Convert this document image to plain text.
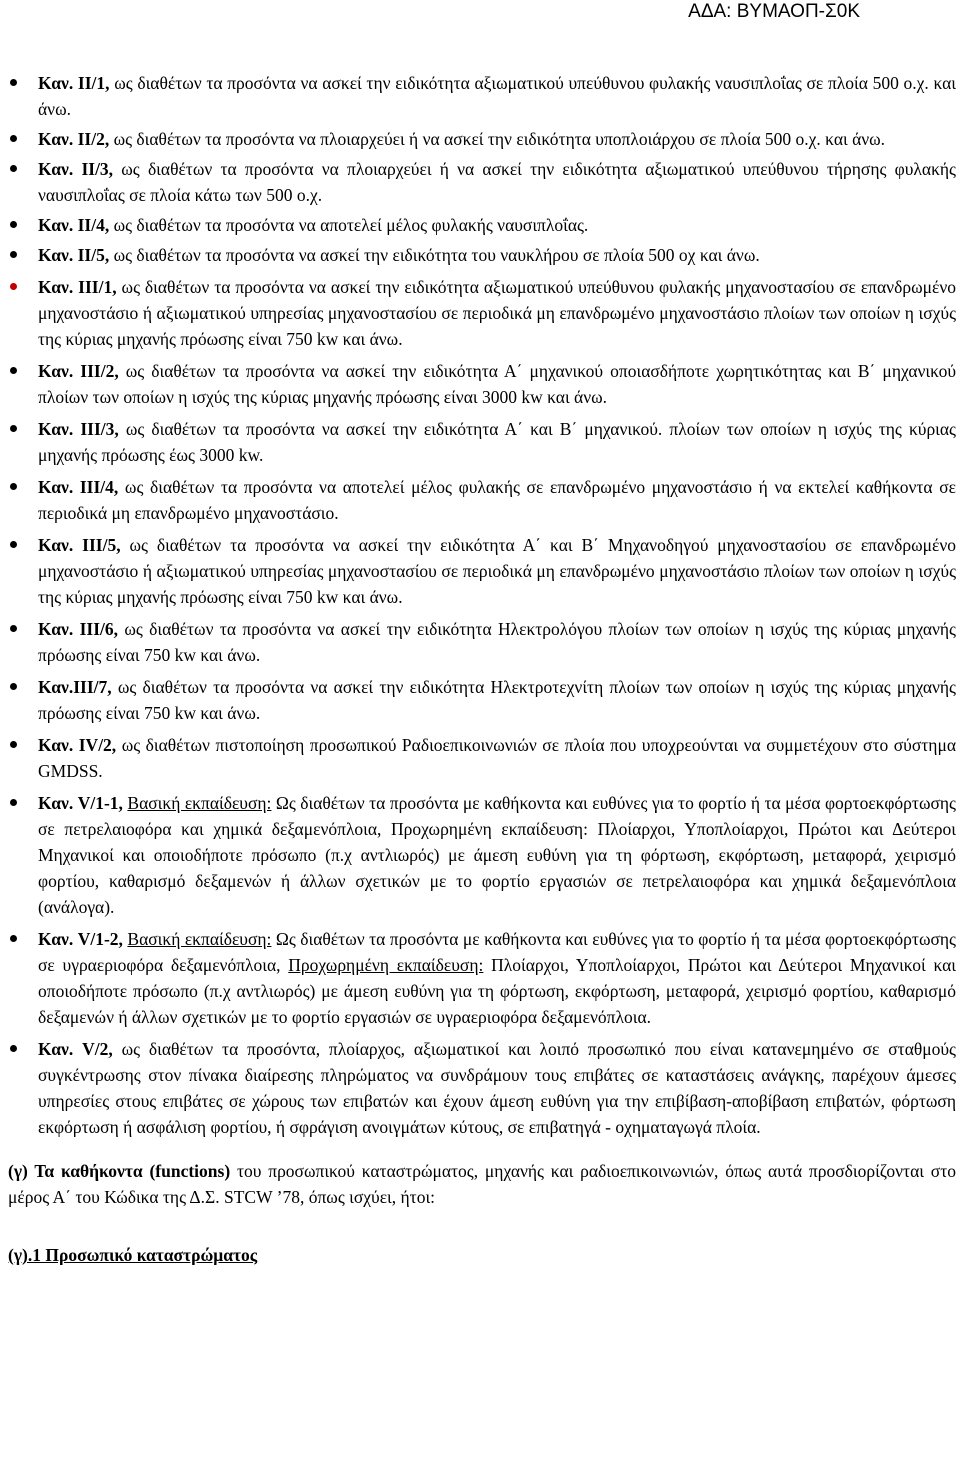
ΑΔΑ: ΒΥΜΑΟΠ-Σ0Κ
Καν. ΙΙ/1, ως διαθέτων τα προσόντα να ασκεί την ειδικότητα αξιωματικού υπεύθυνου φυλακής ναυσιπλοΐας σε πλοία 500 ο.χ. και άνω.
Καν. ΙΙ/2, ως διαθέτων τα προσόντα να πλοιαρχεύει ή να ασκεί την ειδικότητα υποπλοιάρχου σε πλοία 500 ο.χ. και άνω.
Καν. ΙΙ/3, ως διαθέτων τα προσόντα να πλοιαρχεύει ή να ασκεί την ειδικότητα αξιωματικού υπεύθυνου τήρησης φυλακής ναυσιπλοΐας σε πλοία κάτω των 500 ο.χ.
Καν. ΙΙ/4, ως διαθέτων τα προσόντα να αποτελεί μέλος φυλακής ναυσιπλοΐας.
Καν. ΙΙ/5, ως διαθέτων τα προσόντα να ασκεί την ειδικότητα του ναυκλήρου σε πλοία 500 οχ και άνω.
Καν. ΙΙΙ/1, ως διαθέτων τα προσόντα να ασκεί την ειδικότητα αξιωματικού υπεύθυνου φυλακής μηχανοστασίου σε επανδρωμένο μηχανοστάσιο ή αξιωματικού υπηρεσίας μηχανοστασίου σε περιοδικά μη επανδρωμένο μηχανοστάσιο πλοίων των οποίων η ισχύς της κύριας μηχανής πρόωσης είναι 750 kw και άνω.
Καν. ΙΙΙ/2, ως διαθέτων τα προσόντα να ασκεί την ειδικότητα Α΄ μηχανικού οποιασδήποτε χωρητικότητας και Β΄ μηχανικού πλοίων των οποίων η ισχύς της κύριας μηχανής πρόωσης είναι 3000 kw και άνω.
Καν. ΙΙΙ/3, ως διαθέτων τα προσόντα να ασκεί την ειδικότητα Α΄ και Β΄ μηχανικού. πλοίων των οποίων η ισχύς της κύριας μηχανής πρόωσης έως 3000 kw.
Καν. ΙΙΙ/4, ως διαθέτων τα προσόντα να αποτελεί μέλος φυλακής σε επανδρωμένο μηχανοστάσιο ή να εκτελεί καθήκοντα σε περιοδικά μη επανδρωμένο μηχανοστάσιο.
Καν. ΙΙΙ/5, ως διαθέτων τα προσόντα να ασκεί την ειδικότητα Α΄ και Β΄ Μηχανοδηγού μηχανοστασίου σε επανδρωμένο μηχανοστάσιο ή αξιωματικού υπηρεσίας μηχανοστασίου σε περιοδικά μη επανδρωμένο μηχανοστάσιο πλοίων των οποίων η ισχύς της κύριας μηχανής πρόωσης είναι 750 kw και άνω.
Καν. ΙΙΙ/6, ως διαθέτων τα προσόντα να ασκεί την ειδικότητα Ηλεκτρολόγου πλοίων των οποίων η ισχύς της κύριας μηχανής πρόωσης είναι 750 kw και άνω.
Καν.ΙΙΙ/7, ως διαθέτων τα προσόντα να ασκεί την ειδικότητα Ηλεκτροτεχνίτη πλοίων των οποίων η ισχύς της κύριας μηχανής πρόωσης είναι 750 kw και άνω.
Καν. ΙV/2, ως διαθέτων πιστοποίηση προσωπικού Ραδιοεπικοινωνιών σε πλοία που υποχρεούνται να συμμετέχουν στο σύστημα GMDSS.
Καν. V/1-1, Βασική εκπαίδευση: Ως διαθέτων τα προσόντα με καθήκοντα και ευθύνες για το φορτίο ή τα μέσα φορτοεκφόρτωσης σε πετρελαιοφόρα και χημικά δεξαμενόπλοια, Προχωρημένη εκπαίδευση: Πλοίαρχοι, Υποπλοίαρχοι, Πρώτοι και Δεύτεροι Μηχανικοί και οποιοδήποτε πρόσωπο (π.χ αντλιωρός) με άμεση ευθύνη για τη φόρτωση, εκφόρτωση, μεταφορά, χειρισμό φορτίου, καθαρισμό δεξαμενών ή άλλων σχετικών με το φορτίο εργασιών σε πετρελαιοφόρα και χημικά δεξαμενόπλοια (ανάλογα).
Καν. V/1-2, Βασική εκπαίδευση: Ως διαθέτων τα προσόντα με καθήκοντα και ευθύνες για το φορτίο ή τα μέσα φορτοεκφόρτωσης σε υγραεριοφόρα δεξαμενόπλοια, Προχωρημένη εκπαίδευση: Πλοίαρχοι, Υποπλοίαρχοι, Πρώτοι και Δεύτεροι Μηχανικοί και οποιοδήποτε πρόσωπο (π.χ αντλιωρός) με άμεση ευθύνη για τη φόρτωση, εκφόρτωση, μεταφορά, χειρισμό φορτίου, καθαρισμό δεξαμενών ή άλλων σχετικών με το φορτίο εργασιών σε υγραεριοφόρα δεξαμενόπλοια.
Καν. V/2, ως διαθέτων τα προσόντα, πλοίαρχος, αξιωματικοί και λοιπό προσωπικό που είναι κατανεμημένο σε σταθμούς συγκέντρωσης στον πίνακα διαίρεσης πληρώματος να συνδράμουν τους επιβάτες σε καταστάσεις ανάγκης, παρέχουν άμεσες υπηρεσίες στους επιβάτες σε χώρους των επιβατών και έχουν άμεση ευθύνη για την επιβίβαση-αποβίβαση επιβατών, φόρτωση εκφόρτωση ή ασφάλιση φορτίου, ή σφράγιση ανοιγμάτων κύτους, σε επιβατηγά - οχηματαγωγά πλοία.

(γ) Τα καθήκοντα (functions) του προσωπικού καταστρώματος, μηχανής και ραδιοεπικοινωνιών, όπως αυτά προσδιορίζονται στο μέρος Α΄ του Κώδικα της Δ.Σ. STCW ’78, όπως ισχύει, ήτοι:

(γ).1 Προσωπικό καταστρώματος
